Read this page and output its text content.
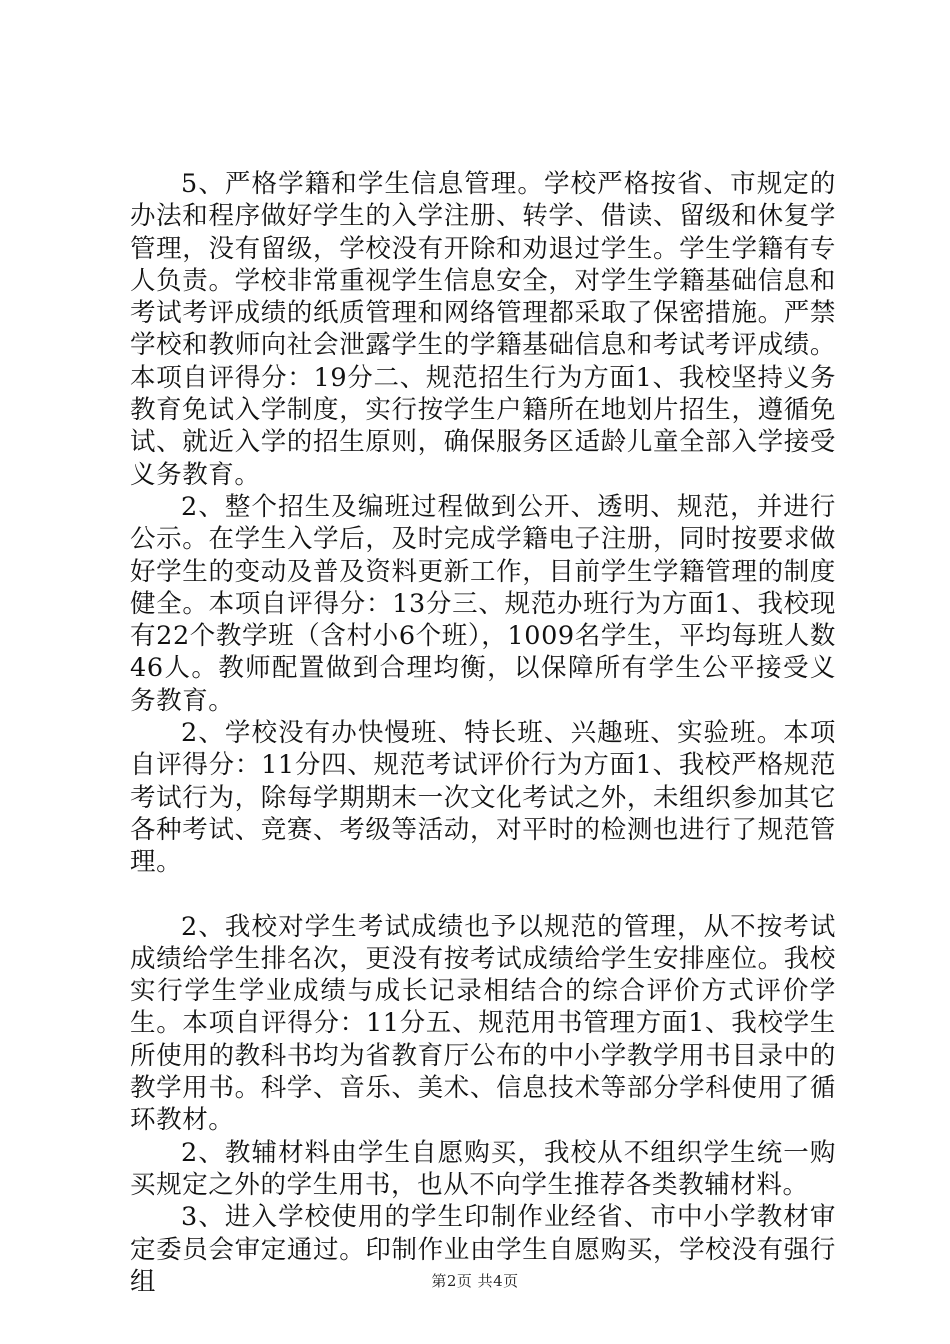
5、严格学籍和学生信息管理。学校严格按省、市规定的办法和程序做好学生的入学注册、转学、借读、留级和休复学管理，没有留级，学校没有开除和劝退过学生。学生学籍有专人负责。学校非常重视学生信息安全，对学生学籍基础信息和考试考评成绩的纸质管理和网络管理都采取了保密措施。严禁学校和教师向社会泄露学生的学籍基础信息和考试考评成绩。本项自评得分：19分二、规范招生行为方面1、我校坚持义务教育免试入学制度，实行按学生户籍所在地划片招生，遵循免试、就近入学的招生原则，确保服务区适龄儿童全部入学接受义务教育。

2、整个招生及编班过程做到公开、透明、规范，并进行公示。在学生入学后，及时完成学籍电子注册，同时按要求做好学生的变动及普及资料更新工作，目前学生学籍管理的制度健全。本项自评得分：13分三、规范办班行为方面1、我校现有22个教学班（含村小6个班），1009名学生，平均每班人数46人。教师配置做到合理均衡，以保障所有学生公平接受义务教育。

2、学校没有办快慢班、特长班、兴趣班、实验班。本项自评得分：11分四、规范考试评价行为方面1、我校严格规范考试行为，除每学期期末一次文化考试之外，未组织参加其它各种考试、竞赛、考级等活动，对平时的检测也进行了规范管理。

2、我校对学生考试成绩也予以规范的管理，从不按考试成绩给学生排名次，更没有按考试成绩给学生安排座位。我校实行学生学业成绩与成长记录相结合的综合评价方式评价学生。本项自评得分：11分五、规范用书管理方面1、我校学生所使用的教科书均为省教育厅公布的中小学教学用书目录中的教学用书。科学、音乐、美术、信息技术等部分学科使用了循环教材。

2、教辅材料由学生自愿购买，我校从不组织学生统一购买规定之外的学生用书，也从不向学生推荐各类教辅材料。

3、进入学校使用的学生印制作业经省、市中小学教材审定委员会审定通过。印制作业由学生自愿购买，学校没有强行组	第2页 共4页
